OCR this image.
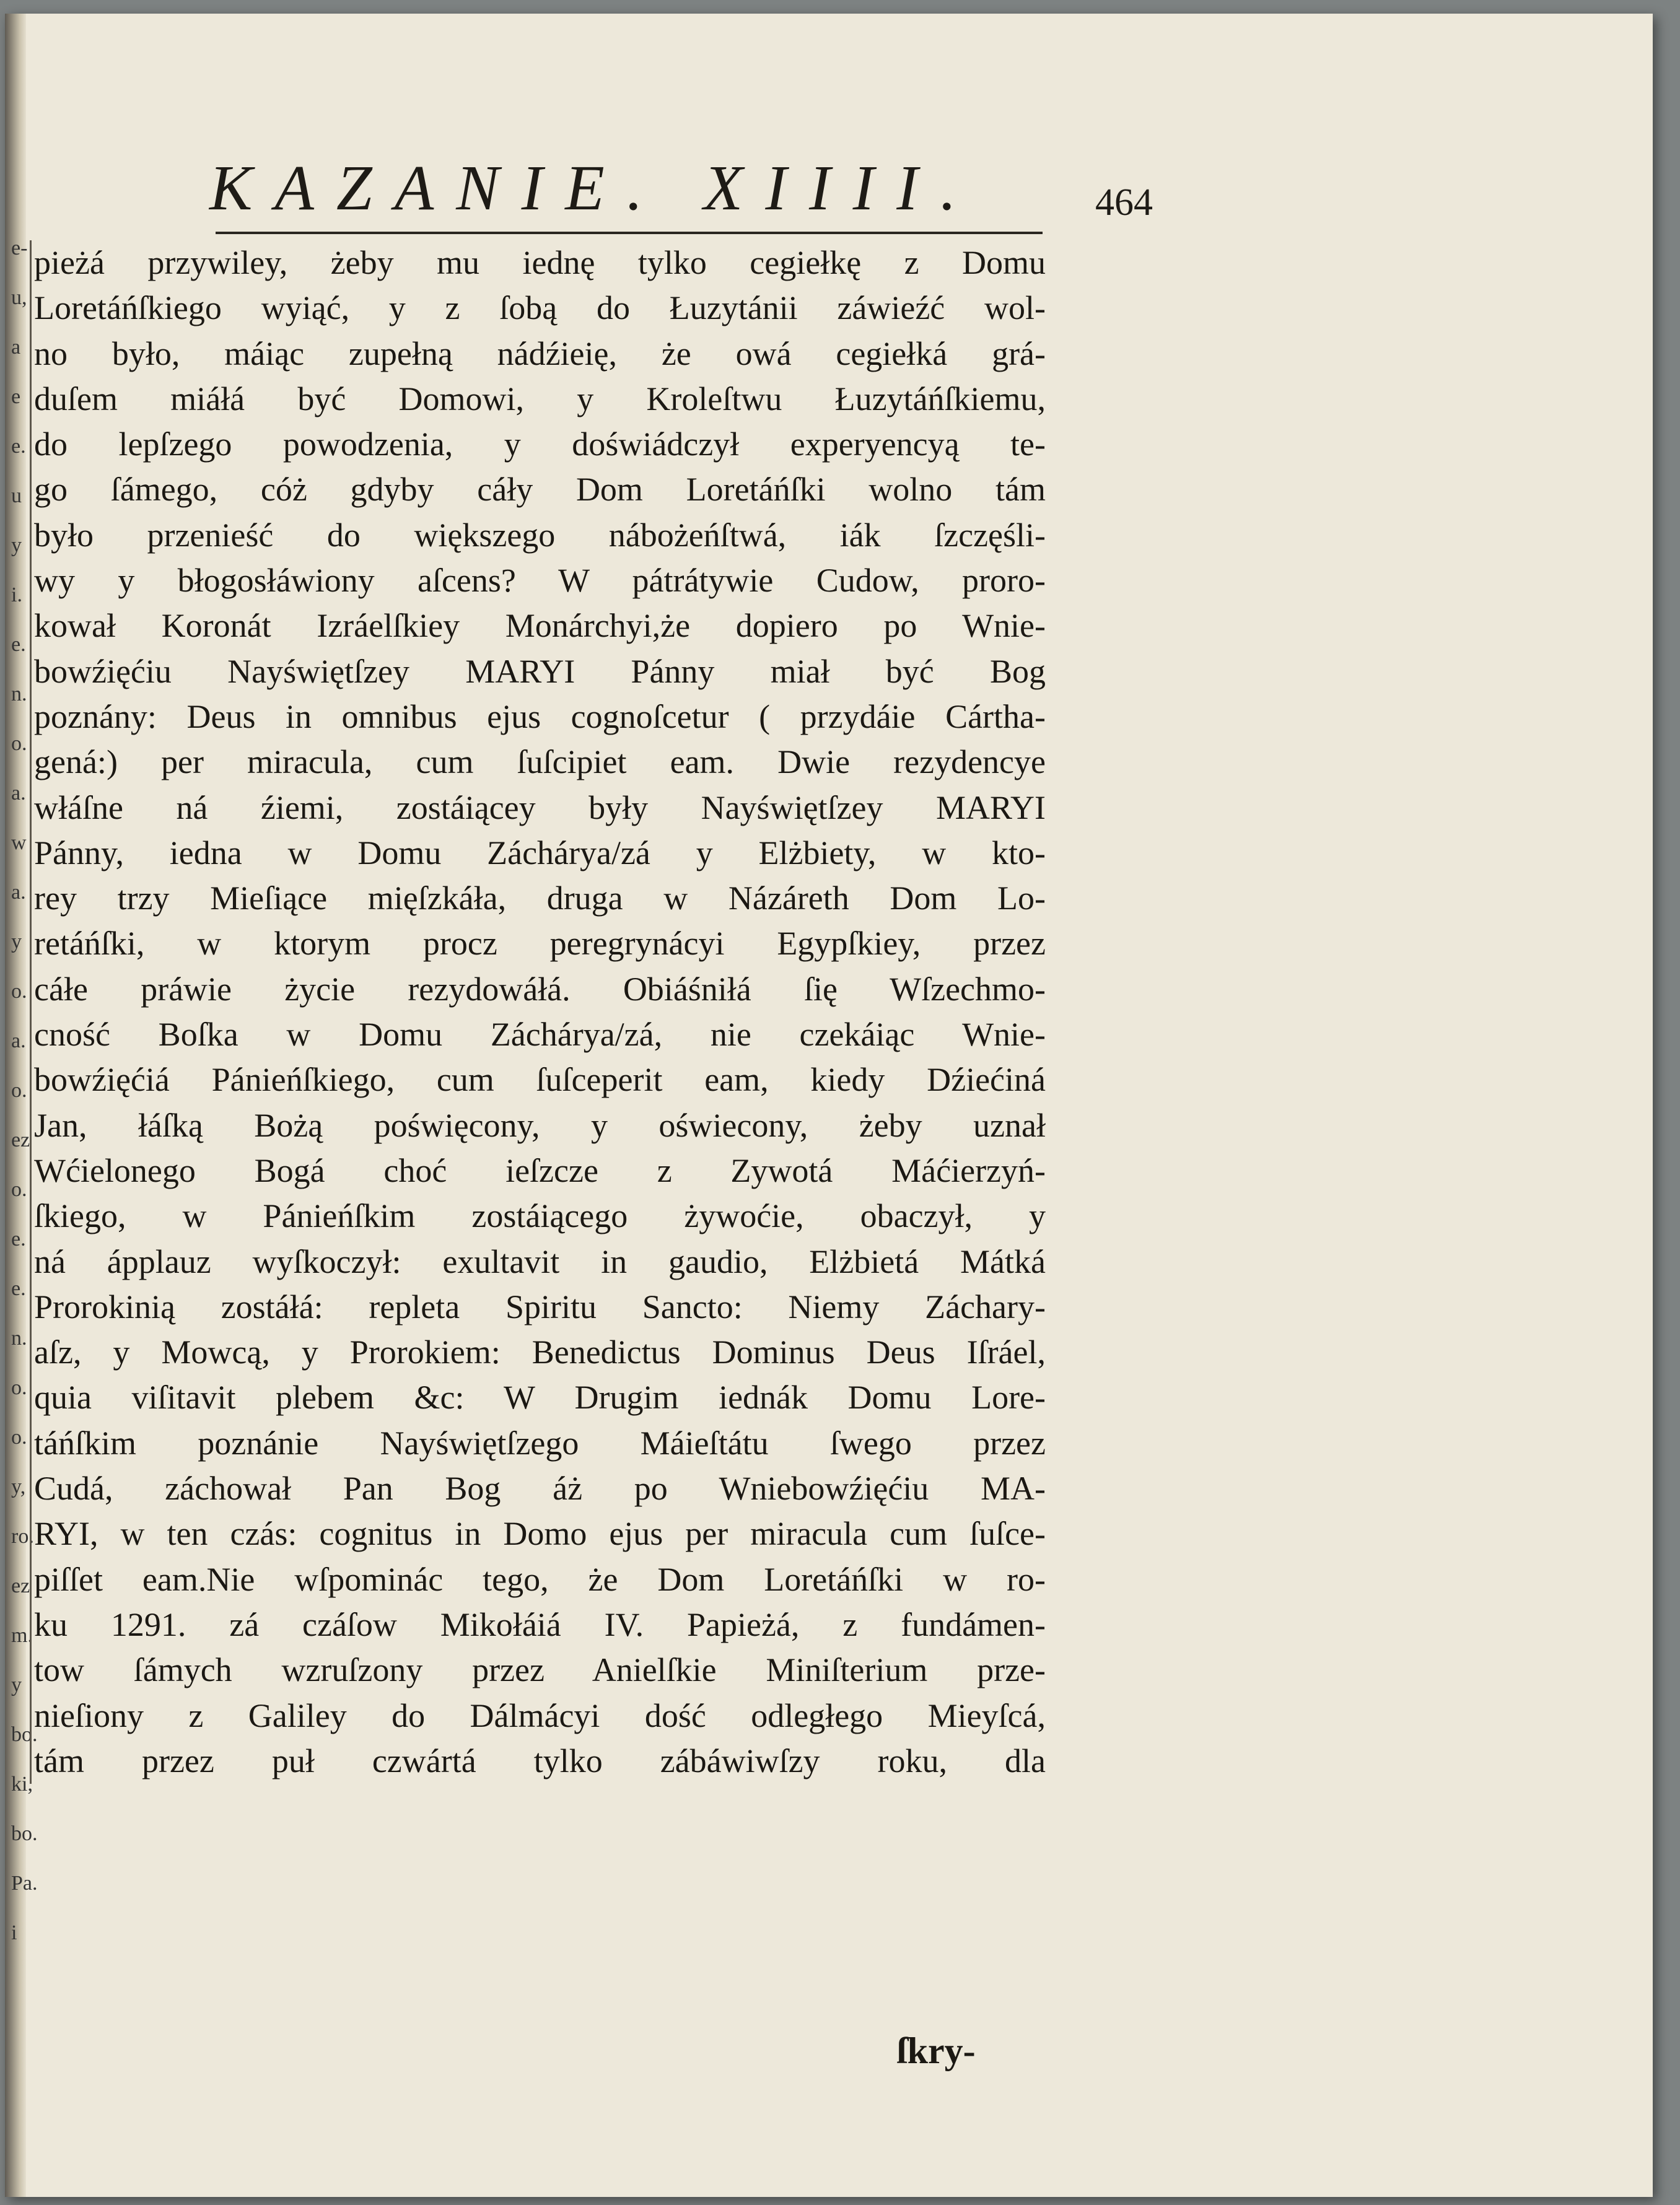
e-
u,
a
e
e.
u
y
i.
e.
n.
o.
a.
w
a.
y
o.
a.
o.
ez
o.
e.
e.
n.
o.
o.
y,
ro.
ez
m.
y
bo.
ki,
bo.
Pa.
i
KAZANIE. XIIII.	464
pieżá przywiley, żeby mu iednę tylko cegiełkę z Domu
Loretáńſkiego wyiąć, y z ſobą do Łuzytánii záwieźć wol-
no było, máiąc zupełną nádźieię, że owá cegiełká grá-
duſem miáłá być Domowi, y Kroleſtwu Łuzytáńſkiemu,
do lepſzego powodzenia, y doświádczył experyencyą te-
go ſámego, cóż gdyby cáły Dom Loretáńſki wolno tám
było przenieść do większego nábożeńſtwá, iák ſzczęśli-
wy y błogosłáwiony aſcens? W pátrátywie Cudow, proro-
kował Koronát Izráelſkiey Monárchyi,że dopiero po Wnie-
bowźięćiu Nayświętſzey MARYI Pánny miał być Bog
poznány: Deus in omnibus ejus cognoſcetur ( przydáie Cártha-
gená:) per miracula, cum ſuſcipiet eam. Dwie rezydencye
włáſne ná źiemi, zostáiącey były Nayświętſzey MARYI
Pánny, iedna w Domu Záchárya/zá y Elżbiety, w kto-
rey trzy Mieſiące mięſzkáła, druga w Názáreth Dom Lo-
retáńſki, w ktorym procz peregrynácyi Egypſkiey, przez
cáłe práwie życie rezydowáłá. Obiáśniłá ſię Wſzechmo-
cność Boſka w Domu Záchárya/zá, nie czekáiąc Wnie-
bowźięćiá Pánieńſkiego, cum ſuſceperit eam, kiedy Dźiećiná
Jan, łáſką Bożą poświęcony, y oświecony, żeby uznał
Wćielonego Bogá choć ieſzcze z Zywotá Máćierzyń-
ſkiego, w Pánieńſkim zostáiącego żywoćie, obaczył, y
ná ápplauz wyſkoczył: exultavit in gaudio, Elżbietá Mátká
Prorokinią zostáłá: repleta Spiritu Sancto: Niemy Záchary-
aſz, y Mowcą, y Prorokiem: Benedictus Dominus Deus Iſráel,
quia viſitavit plebem &c: W Drugim iednák Domu Lore-
táńſkim poznánie Nayświętſzego Máieſtátu ſwego przez
Cudá, záchował Pan Bog áż po Wniebowźięćiu MA-
RYI, w ten czás: cognitus in Domo ejus per miracula cum ſuſce-
piſſet eam.Nie wſpominác tego, że Dom Loretáńſki w ro-
ku 1291. zá czáſow Mikołáiá IV. Papieżá, z fundámen-
tow ſámych wzruſzony przez Anielſkie Miniſterium prze-
nieſiony z Galiley do Dálmácyi dość odległego Mieyſcá,
tám przez puł czwártá tylko zábáwiwſzy roku, dla
ſkry-
